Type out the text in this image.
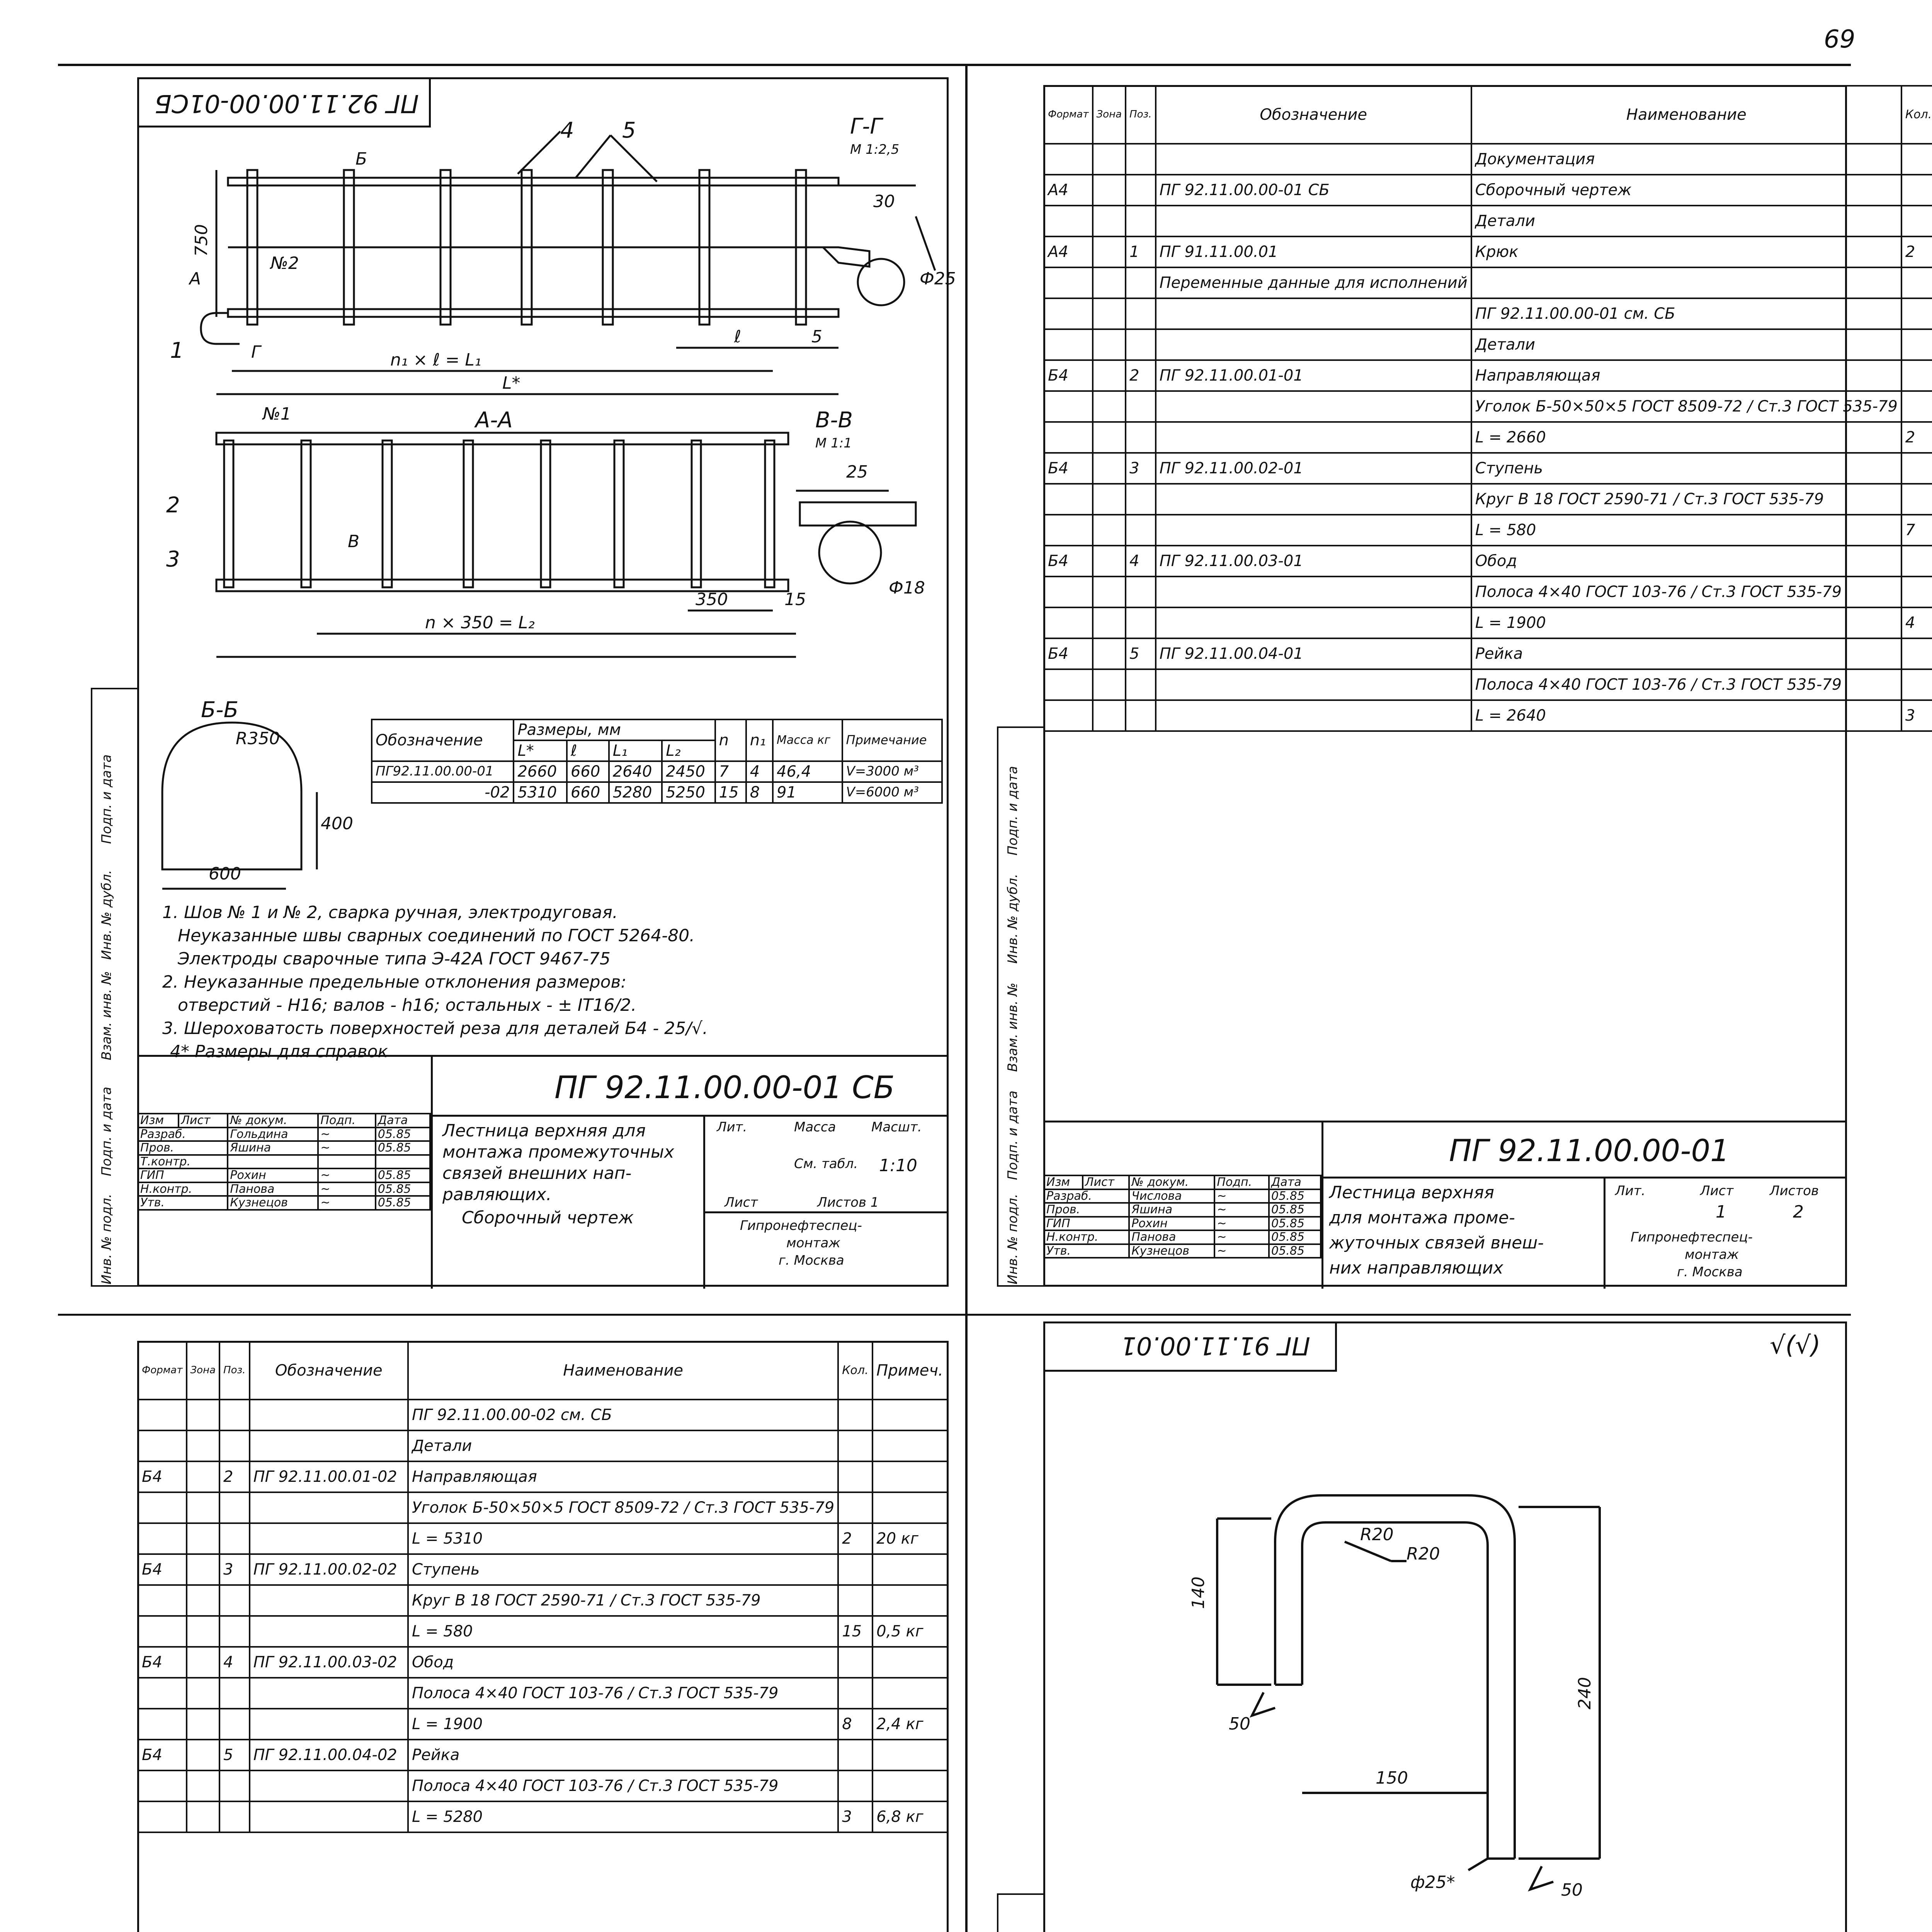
69
ПГ 92.11.00.00-01СБ
Г-Г
М 1:2,5
4 5
1
2
3
№2
№1
Б
А
В
Г
А-А	В-В
М 1:1
Б-Б
750
n₁ × ℓ = L₁
ℓ	5
L*
30
25
Ф25
n × 350 = L₂
350	15
Ф18
R350
400
600
Обозначение	Размеры, мм				n	n₁	Масса кг	Примечание
	L*	ℓ	L₁	L₂				
ПГ92.11.00.00-01	2660	660	2640	2450	7	4	46,4	V=3000 м³
-02	5310	660	5280	5250	15	8	91	V=6000 м³
1. Шов № 1 и № 2, сварка ручная, электродуговая.
Неуказанные швы сварных соединений по ГОСТ 5264-80.
Электроды сварочные типа Э-42А ГОСТ 9467-75
2. Неуказанные предельные отклонения размеров:
отверстий - Н16; валов - h16; остальных - ± IT16/2.
3. Шероховатость поверхностей реза для деталей Б4 - 25/√.
4* Размеры для справок
ПГ 92.11.00.00-01 СБ
Лестница верхняя для
монтажа промежуточных
связей внешних нап-
равляющих.
Сборочный чертеж
Лит.	Масса	Масшт.
См. табл. 1:10
Лист	Листов 1
Гипронефтеспец-
монтаж
г. Москва
Изм	Лист	№ докум.	Подп.	Дата
Разраб.		Гольдина	~	05.85
Пров.		Яшина	~	05.85
Т.контр.				
ГИП		Рохин	~	05.85
Н.контр.		Панова	~	05.85
Утв.		Кузнецов	~	05.85
Инв. № подл.
Подп. и дата
Взам. инв. №
Инв. № дубл.
Подп. и дата
Формат	Зона	Поз.	Обозначение	Наименование	Кол.	
				Документация		
А4			ПГ 92.11.00.00-01 СБ	Сборочный чертеж		
				Детали		
А4		1	ПГ 91.11.00.01	Крюк	2	
			Переменные данные для исполнений			
				ПГ 92.11.00.00-01 см. СБ		
				Детали		
Б4		2	ПГ 92.11.00.01-01	Направляющая		
				Уголок Б-50×50×5 ГОСТ 8509-72 / Ст.3 ГОСТ 535-79		
				L = 2660	2	
Б4		3	ПГ 92.11.00.02-01	Ступень		
				Круг В 18 ГОСТ 2590-71 / Ст.3 ГОСТ 535-79		
				L = 580	7	
Б4		4	ПГ 92.11.00.03-01	Обод		
				Полоса 4×40 ГОСТ 103-76 / Ст.3 ГОСТ 535-79		
				L = 1900	4	
Б4		5	ПГ 92.11.00.04-01	Рейка		
				Полоса 4×40 ГОСТ 103-76 / Ст.3 ГОСТ 535-79		
				L = 2640	3	
ПГ 92.11.00.00-01
Лестница верхняя
для монтажа проме-
жуточных связей внеш-
них направляющих
Лит.	Лист	Листов
1	2
Гипронефтеспец-
монтаж
г. Москва
Изм	Лист	№ докум.	Подп.	Дата
Разраб.		Числова	~	05.85
Пров.		Яшина	~	05.85
ГИП		Рохин	~	05.85
Н.контр.		Панова	~	05.85
Утв.		Кузнецов	~	05.85
Инв. № подл.
Подп. и дата
Взам. инв. №
Инв. № дубл.
Подп. и дата
Формат	Зона	Поз.	Обозначение	Наименование	Кол.	Примеч.
				ПГ 92.11.00.00-02 см. СБ		
				Детали		
Б4		2	ПГ 92.11.00.01-02	Направляющая		
				Уголок Б-50×50×5 ГОСТ 8509-72 / Ст.3 ГОСТ 535-79		
				L = 5310	2	20 кг
Б4		3	ПГ 92.11.00.02-02	Ступень		
				Круг В 18 ГОСТ 2590-71 / Ст.3 ГОСТ 535-79		
				L = 580	15	0,5 кг
Б4		4	ПГ 92.11.00.03-02	Обод		
				Полоса 4×40 ГОСТ 103-76 / Ст.3 ГОСТ 535-79		
				L = 1900	8	2,4 кг
Б4		5	ПГ 92.11.00.04-02	Рейка		
				Полоса 4×40 ГОСТ 103-76 / Ст.3 ГОСТ 535-79		
				L = 5280	3	6,8 кг

ПГ 91.11.00.01	√(√)
R20
R20
140
240
150
ф25*
50
50
